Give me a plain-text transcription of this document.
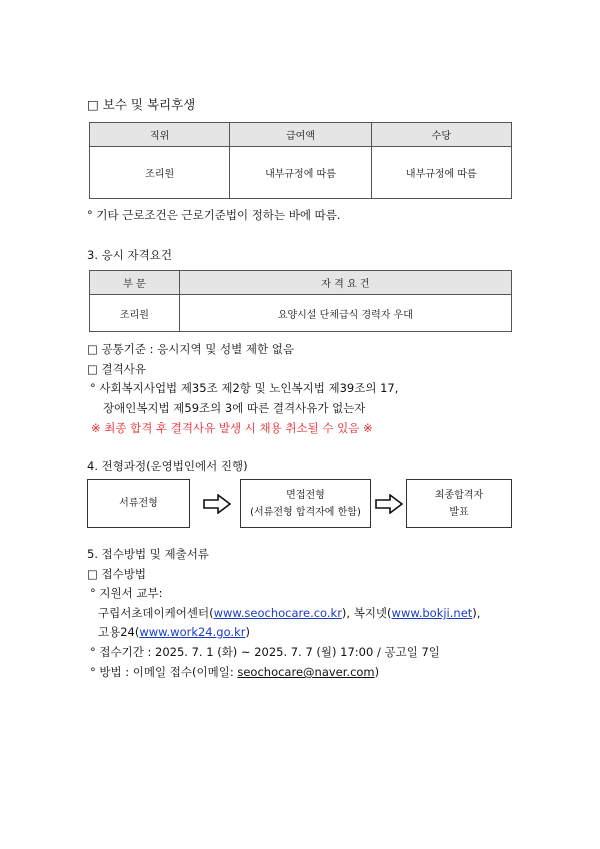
□ 보수 및 복리후생
직위	급여액	수당
조리원	내부규정에 따름	내부규정에 따름
° 기타 근로조건은 근로기준법이 정하는 바에 따름.
3. 응시 자격요건
부 문	자 격 요 건
조리원	요양시설 단체급식 경력자 우대
□ 공통기준 : 응시지역 및 성별 제한 없음
□ 결격사유
° 사회복지사업법 제35조 제2항 및 노인복지법 제39조의 17,
장애인복지법 제59조의 3에 따른 결격사유가 없는자
※ 최종 합격 후 결격사유 발생 시 채용 취소될 수 있음 ※
4. 전형과정(운영법인에서 진행)
서류전형
면접전형
(서류전형 합격자에 한함)
최종합격자
발표
5. 접수방법 및 제출서류
□ 접수방법
° 지원서 교부:
구립서초데이케어센터(www.seochocare.co.kr), 복지넷(www.bokji.net),
고용24(www.work24.go.kr)
° 접수기간 : 2025. 7. 1 (화) ~ 2025. 7. 7 (월) 17:00 / 공고일 7일
° 방법 : 이메일 접수(이메일: seochocare@naver.com)
